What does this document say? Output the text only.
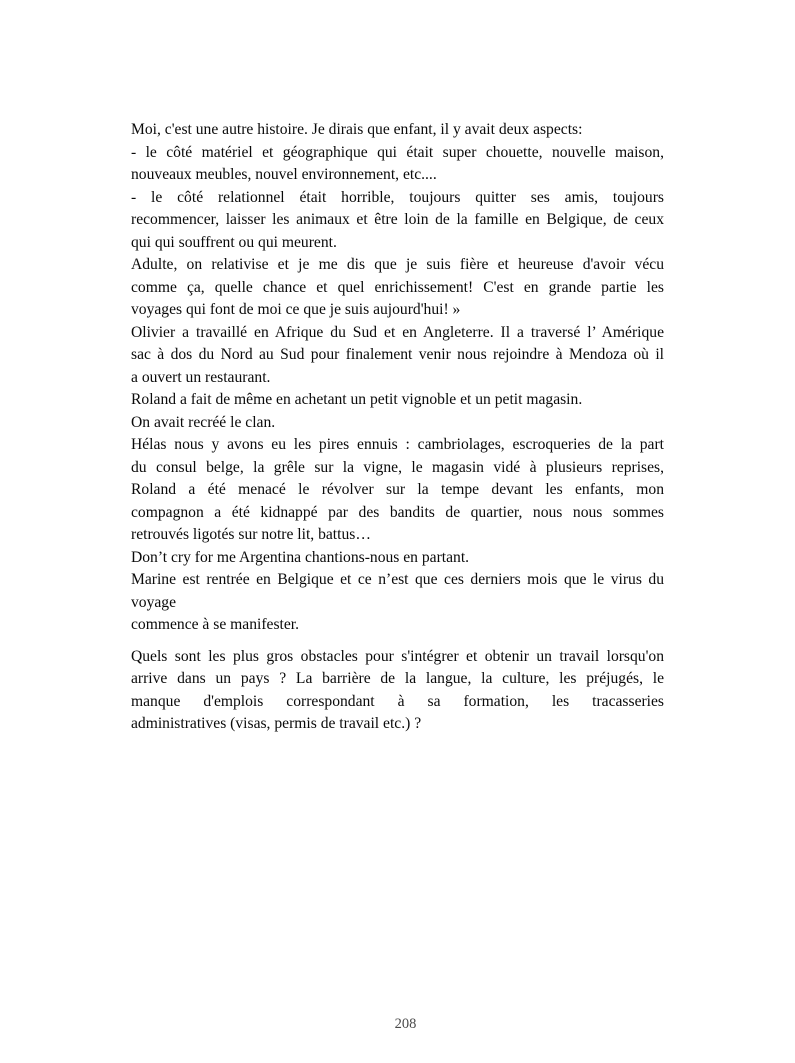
Moi, c'est une autre histoire. Je dirais que enfant, il y avait deux aspects:
- le côté matériel et géographique qui était super chouette, nouvelle maison,
nouveaux meubles, nouvel environnement, etc....
- le côté relationnel était horrible, toujours quitter ses amis, toujours
recommencer, laisser les animaux et être loin de la famille en Belgique, de ceux
qui qui souffrent ou qui meurent.
Adulte, on relativise et je me dis que je suis fière et heureuse d'avoir vécu
comme ça, quelle chance et quel enrichissement! C'est en grande partie les
voyages qui font de moi ce que je suis aujourd'hui! »
Olivier a travaillé en Afrique du Sud et en Angleterre. Il a traversé l’ Amérique
sac à dos du Nord au Sud pour finalement venir nous rejoindre à Mendoza où il
a ouvert un restaurant.
Roland a fait de même en achetant un petit vignoble et un petit magasin.
On avait recréé le clan.
Hélas nous y avons eu les pires ennuis : cambriolages, escroqueries de la part
du consul belge, la grêle sur la vigne, le magasin vidé à plusieurs reprises,
Roland a été menacé le révolver sur la tempe devant les enfants, mon
compagnon a été kidnappé par des bandits de quartier, nous nous sommes
retrouvés ligotés sur notre lit, battus…
Don’t cry for me Argentina chantions-nous en partant.
Marine est rentrée en Belgique et ce n’est que ces derniers mois que le virus du
voyage
commence à se manifester.
Quels sont les plus gros obstacles pour s'intégrer et obtenir un travail lorsqu'on
arrive dans un pays ? La barrière de la langue, la culture, les préjugés, le
manque d'emplois correspondant à sa formation, les tracasseries
administratives (visas, permis de travail etc.) ?
208
